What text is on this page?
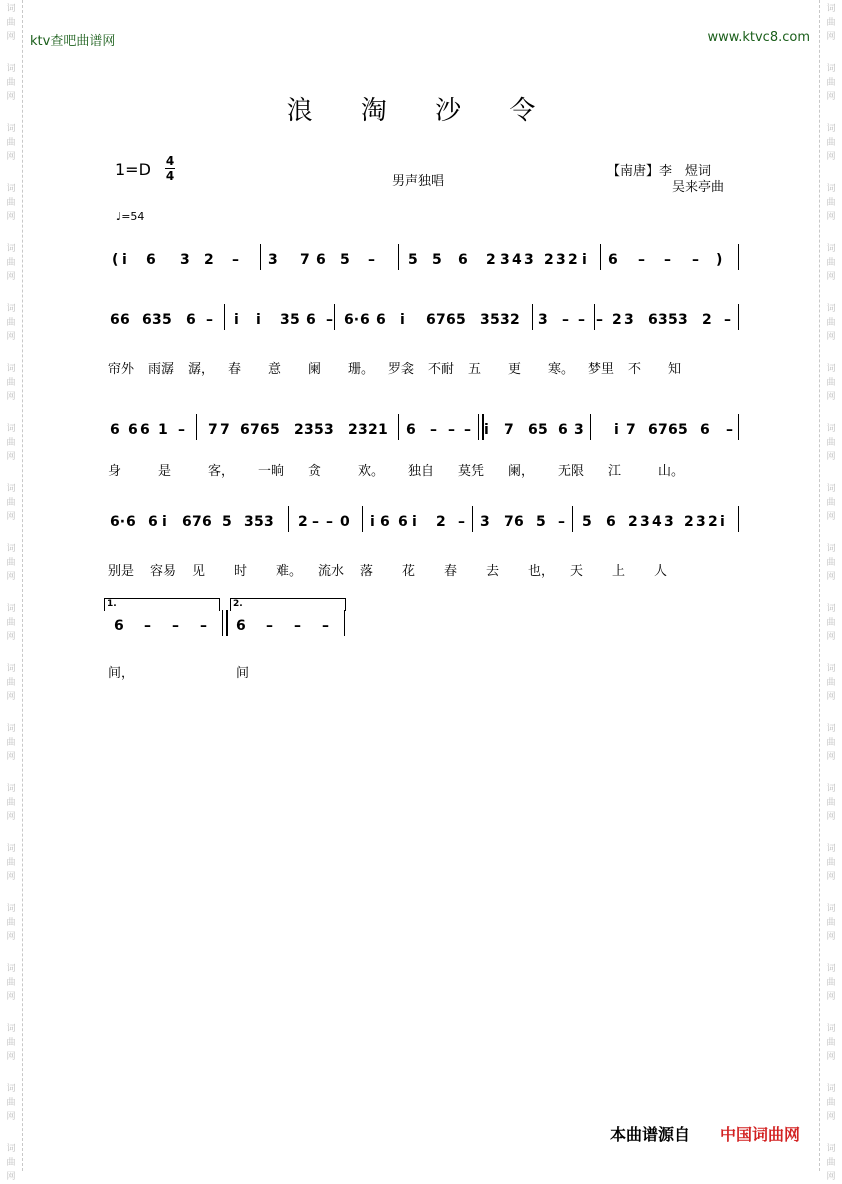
词
曲
网
词
曲
网
词
曲
网
词
曲
网
词
曲
网
词
曲
网
词
曲
网
词
曲
网
词
曲
网
词
曲
网
词
曲
网
词
曲
网
词
曲
网
词
曲
网
词
曲
网
词
曲
网
词
曲
网
词
曲
网
词
曲
网
词
曲
网
词
曲
网
词
曲
网
词
曲
网
词
曲
网
词
曲
网
词
曲
网
词
曲
网
词
曲
网
词
曲
网
词
曲
网
词
曲
网
词
曲
网
词
曲
网
词
曲
网
词
曲
网
词
曲
网
词
曲
网
词
曲
网
词
曲
网
词
曲
网
ktv查吧曲谱网	www.ktvc8.com
浪 淘 沙 令
1=D 4
4	男声独唱
【南唐】李　煜词
吴来亭曲
♩=54
( i 6 3 2 – 3 7 6 5 – 5 5 6 2 3 4 3 2 3 2 i 6 – – – )
6 6 6 3 5 6 – i i 3 5 6 – 6· 6 6 i 6 7 6 5 3 5 3 2 3 – – – 2 3 6 3 5 3 2 –
帘外 雨潺 潺， 春 意 阑 珊。 罗衾 不耐 五 更 寒。 梦里 不 知
6 6 6 1 – 7 7 6 7 6 5 2 3 5 3 2 3 2 1 6 – – – i 7 6 5 6 3 i 7 6 7 6 5 6 –
身	是	客， 一晌 贪	欢。 独自 莫凭 阑， 无限 江	山。
6· 6 6 i 6 7 6 5 3 5 3 2 – – 0 i 6 6 i 2 – 3 7 6 5 – 5 6 2 3 4 3 2 3 2 i
别是 容易 见 时 难。 流水 落 花 春 去 也， 天 上 人
6 – – – 6 – – –
1.	2.
间，	间
本曲谱源自 中国词曲网
